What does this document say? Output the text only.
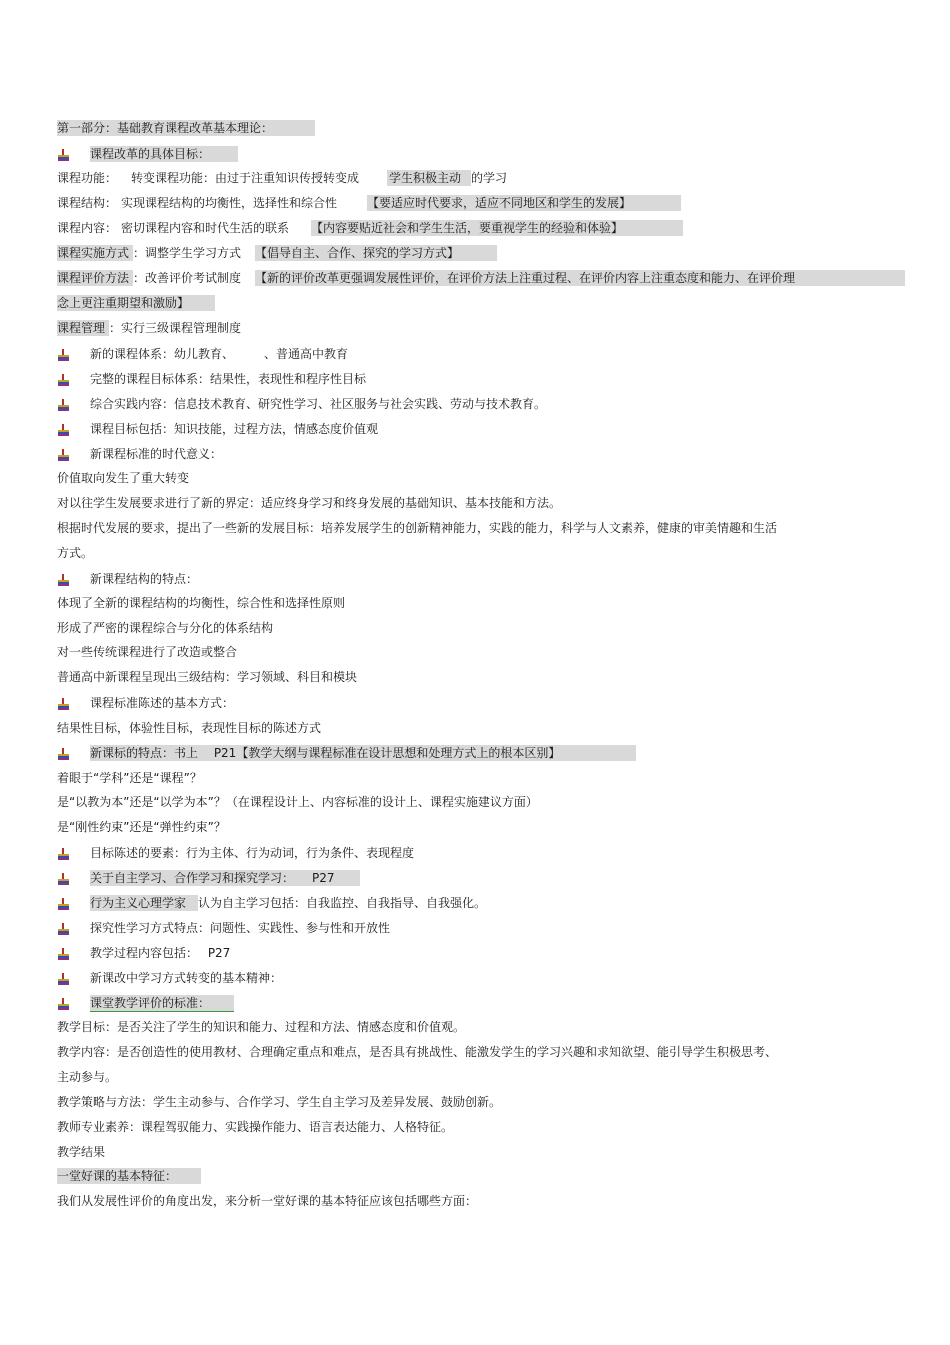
第一部分：基础教育课程改革基本理论：
课程改革的具体目标：
课程功能： 转变课程功能：由过于注重知识传授转变成	学生积极主动 的学习
课程结构： 实现课程结构的均衡性，选择性和综合性	【要适应时代要求，适应不同地区和学生的发展】
课程内容： 密切课程内容和时代生活的联系 【内容要贴近社会和学生生活，要重视学生的经验和体验】
课程实施方式 ：调整学生学习方式 【倡导自主、合作、探究的学习方式】
课程评价方法 ：改善评价考试制度 【新的评价改革更强调发展性评价，在评价方法上注重过程、在评价内容上注重态度和能力、在评价理
念上更注重期望和激励】
课程管理 ：实行三级课程管理制度
新的课程体系：幼儿教育、　　　、普通高中教育
完整的课程目标体系：结果性，表现性和程序性目标
综合实践内容：信息技术教育、研究性学习、社区服务与社会实践、劳动与技术教育。
课程目标包括：知识技能，过程方法，情感态度价值观
新课程标准的时代意义：
价值取向发生了重大转变
对以往学生发展要求进行了新的界定：适应终身学习和终身发展的基础知识、基本技能和方法。
根据时代发展的要求，提出了一些新的发展目标：培养发展学生的创新精神能力，实践的能力，科学与人文素养，健康的审美情趣和生活
方式。
新课程结构的特点：
体现了全新的课程结构的均衡性，综合性和选择性原则
形成了严密的课程综合与分化的体系结构
对一些传统课程进行了改造或整合
普通高中新课程呈现出三级结构：学习领域、科目和模块
课程标准陈述的基本方式：
结果性目标，体验性目标，表现性目标的陈述方式
新课标的特点：书上　 P21【教学大纲与课程标准在设计思想和处理方式上的根本区别】
着眼于“学科”还是“课程”？
是“以教为本”还是“以学为本”？（在课程设计上、内容标准的设计上、课程实施建议方面）
是“刚性约束”还是“弹性约束”？
目标陈述的要素：行为主体、行为动词，行为条件、表现程度
关于自主学习、合作学习和探究学习：　　P27
行为主义心理学家 认为自主学习包括：自我监控、自我指导、自我强化。
探究性学习方式特点：问题性、实践性、参与性和开放性
教学过程内容包括：　 P27
新课改中学习方式转变的基本精神：
课堂教学评价的标准：
教学目标：是否关注了学生的知识和能力、过程和方法、情感态度和价值观。
教学内容：是否创造性的使用教材、合理确定重点和难点，是否具有挑战性、能激发学生的学习兴趣和求知欲望、能引导学生积极思考、
主动参与。
教学策略与方法：学生主动参与、合作学习、学生自主学习及差异发展、鼓励创新。
教师专业素养：课程驾驭能力、实践操作能力、语言表达能力、人格特征。
教学结果
一堂好课的基本特征：
我们从发展性评价的角度出发，来分析一堂好课的基本特征应该包括哪些方面：
